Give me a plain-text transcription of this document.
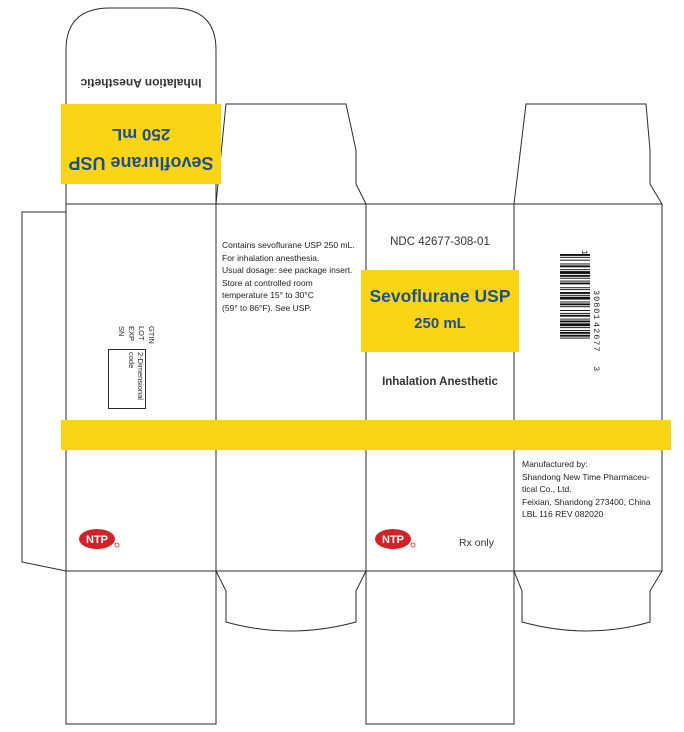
Inhalation Anesthetic
Sevoflurane USP
250 mL
GTIN
LOT
EXP
SN
2-Dimensional code
Contains sevoflurane USP 250 mL.
For inhalation anesthesia.
Usual dosage: see package insert.
Store at controlled room
temperature 15° to 30°C
(59° to 86°F). See USP.
NDC 42677-308-01
Sevoflurane USP
250 mL
Inhalation Anesthetic
1
30801
42677
3
Manufactured by:
Shandong New Time Pharmaceu-
tical Co., Ltd.
Feixian, Shandong 273400, China
LBL 116 REV 082020
NTP	NTP	Rx only
